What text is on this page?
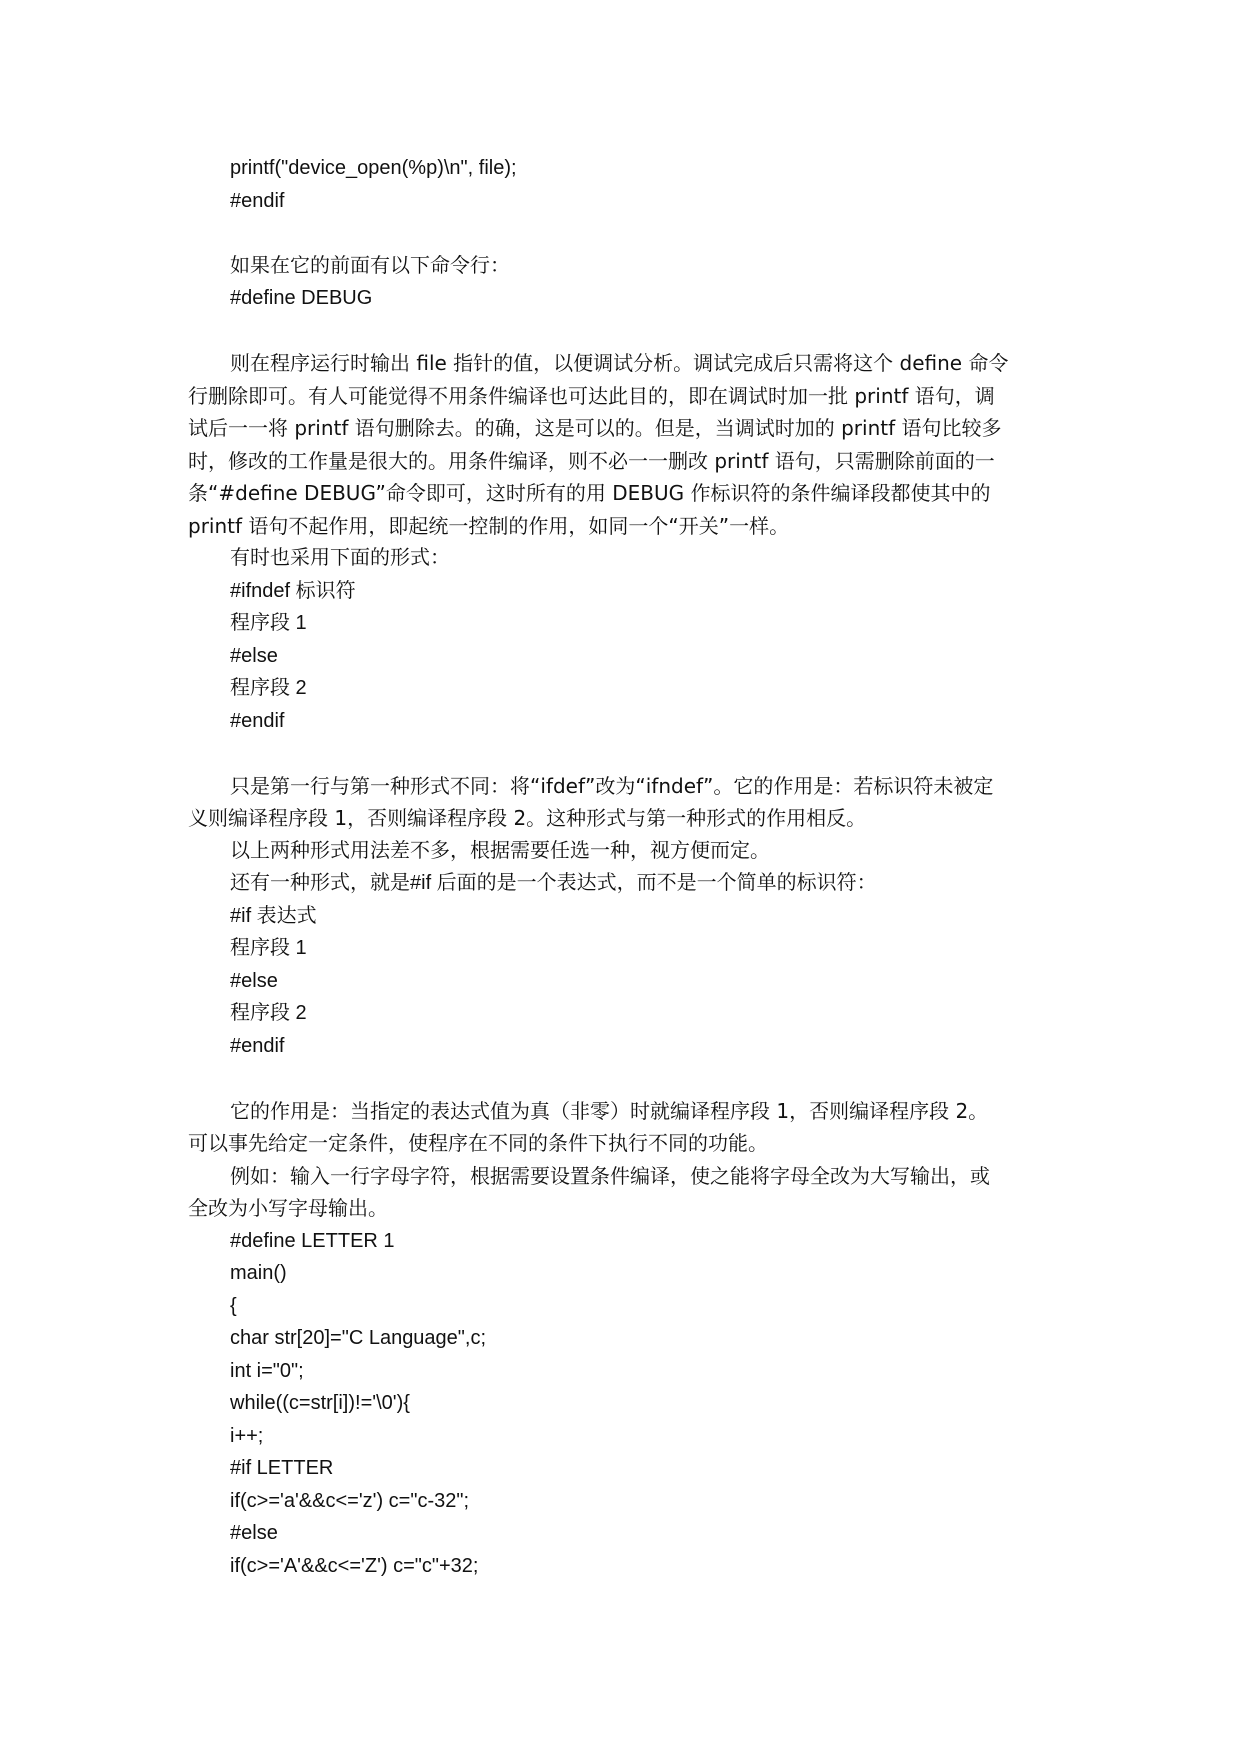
printf("device_open(%p)\n", file);
#endif
如果在它的前面有以下命令行：
#define DEBUG
则在程序运行时输出 file 指针的值，以便调试分析。调试完成后只需将这个 define 命令
行删除即可。有人可能觉得不用条件编译也可达此目的，即在调试时加一批 printf 语句，调
试后一一将 printf 语句删除去。的确，这是可以的。但是，当调试时加的 printf 语句比较多
时，修改的工作量是很大的。用条件编译，则不必一一删改 printf 语句，只需删除前面的一
条“#define DEBUG”命令即可，这时所有的用 DEBUG 作标识符的条件编译段都使其中的
printf 语句不起作用，即起统一控制的作用，如同一个“开关”一样。
有时也采用下面的形式：
#ifndef 标识符
程序段 1
#else
程序段 2
#endif
只是第一行与第一种形式不同：将“ifdef”改为“ifndef”。它的作用是：若标识符未被定
义则编译程序段 1，否则编译程序段 2。这种形式与第一种形式的作用相反。
以上两种形式用法差不多，根据需要任选一种，视方便而定。
还有一种形式，就是#if 后面的是一个表达式，而不是一个简单的标识符：
#if 表达式
程序段 1
#else
程序段 2
#endif
它的作用是：当指定的表达式值为真（非零）时就编译程序段 1，否则编译程序段 2。
可以事先给定一定条件，使程序在不同的条件下执行不同的功能。
例如：输入一行字母字符，根据需要设置条件编译，使之能将字母全改为大写输出，或
全改为小写字母输出。
#define LETTER 1
main()
{
char str[20]="C Language",c;
int i="0";
while((c=str[i])!='\0'){
i++;
#if LETTER
if(c>='a'&&c<='z') c="c-32";
#else
if(c>='A'&&c<='Z') c="c"+32;
